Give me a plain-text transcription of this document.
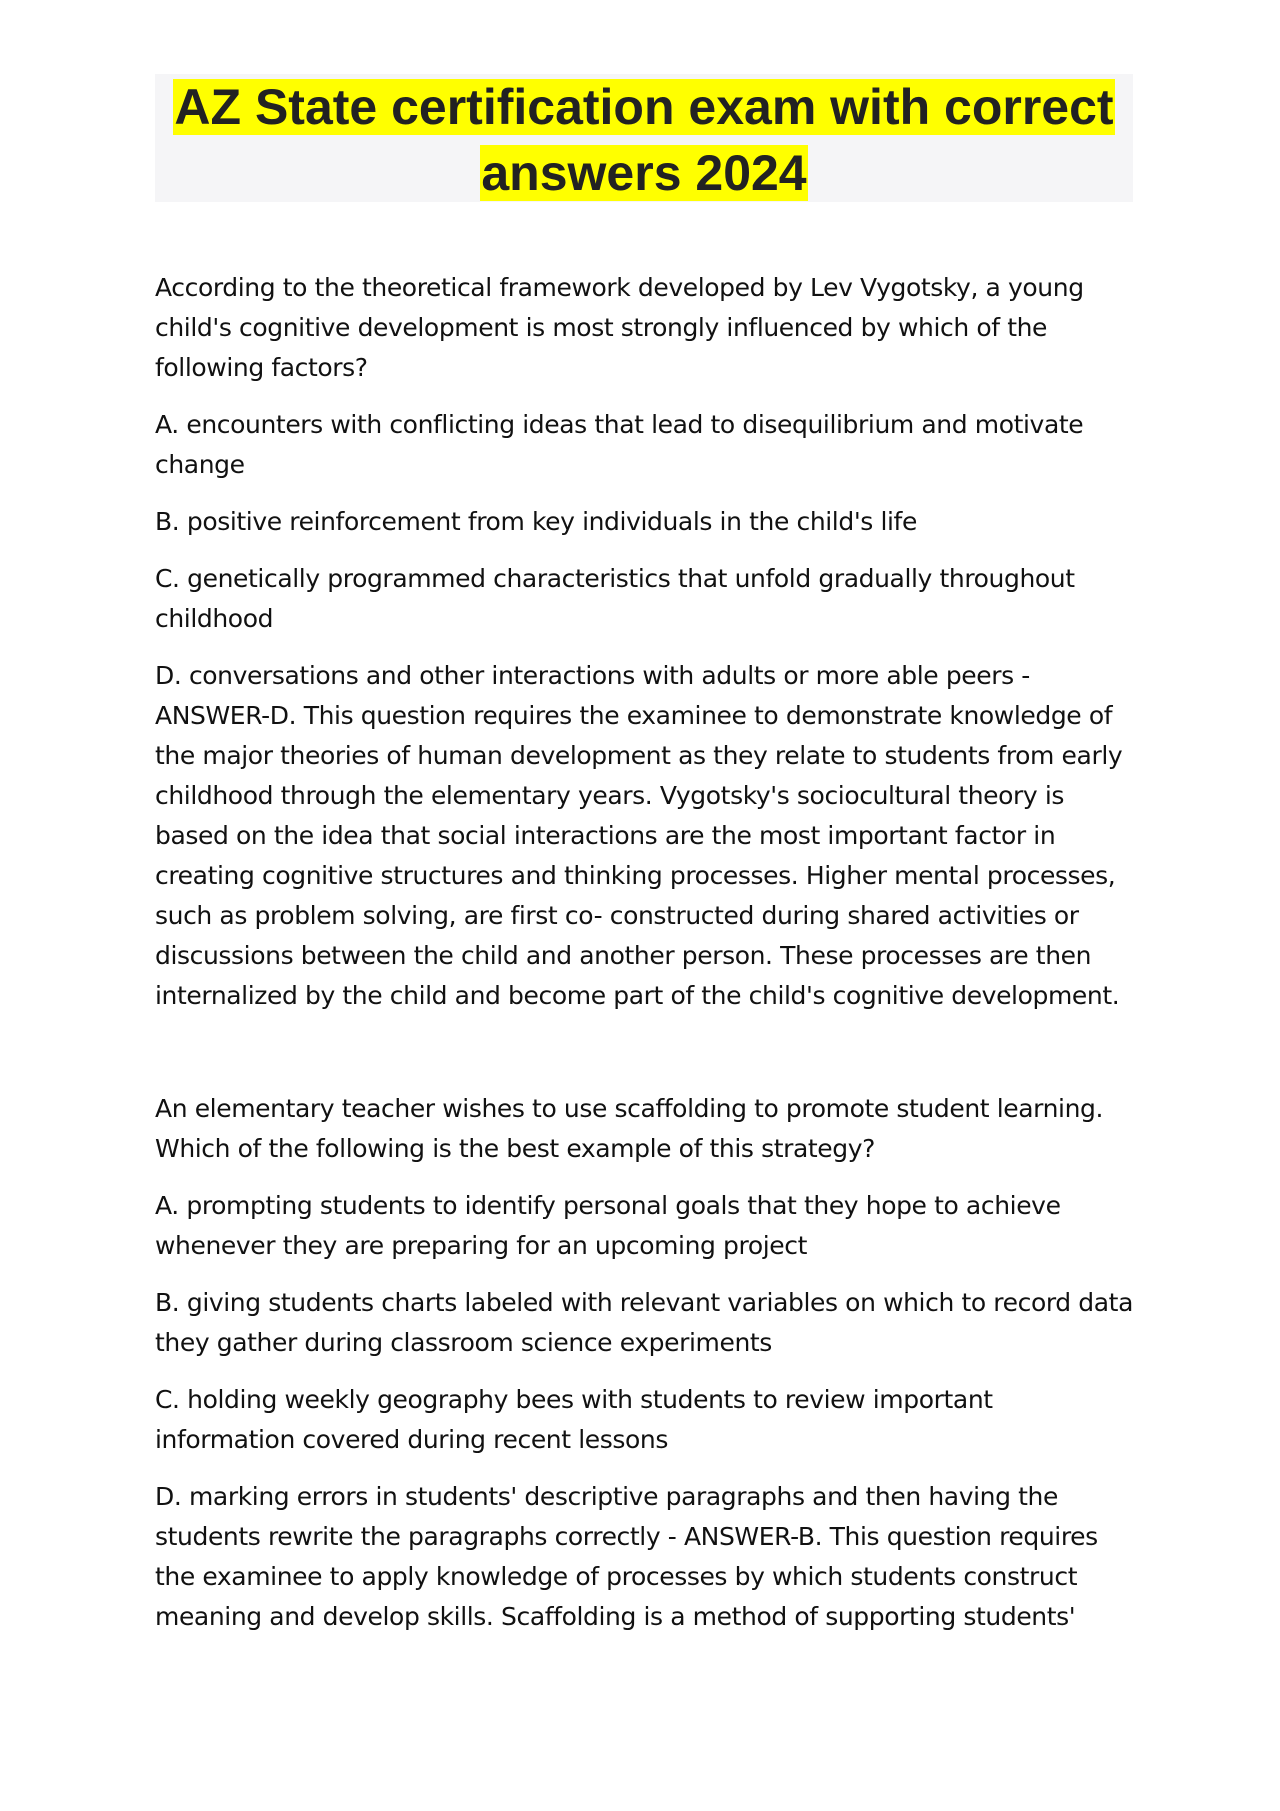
AZ State certification exam with correct answers 2024

According to the theoretical framework developed by Lev Vygotsky, a young child's cognitive development is most strongly influenced by which of the following factors?

A. encounters with conflicting ideas that lead to disequilibrium and motivate change

B. positive reinforcement from key individuals in the child's life

C. genetically programmed characteristics that unfold gradually throughout childhood

D. conversations and other interactions with adults or more able peers - ANSWER-D. This question requires the examinee to demonstrate knowledge of the major theories of human development as they relate to students from early childhood through the elementary years. Vygotsky's sociocultural theory is based on the idea that social interactions are the most important factor in creating cognitive structures and thinking processes. Higher mental processes, such as problem solving, are first co- constructed during shared activities or discussions between the child and another person. These processes are then internalized by the child and become part of the child's cognitive development.

An elementary teacher wishes to use scaffolding to promote student learning. Which of the following is the best example of this strategy?

A. prompting students to identify personal goals that they hope to achieve whenever they are preparing for an upcoming project

B. giving students charts labeled with relevant variables on which to record data they gather during classroom science experiments

C. holding weekly geography bees with students to review important information covered during recent lessons

D. marking errors in students' descriptive paragraphs and then having the students rewrite the paragraphs correctly - ANSWER-B. This question requires the examinee to apply knowledge of processes by which students construct meaning and develop skills. Scaffolding is a method of supporting students'
